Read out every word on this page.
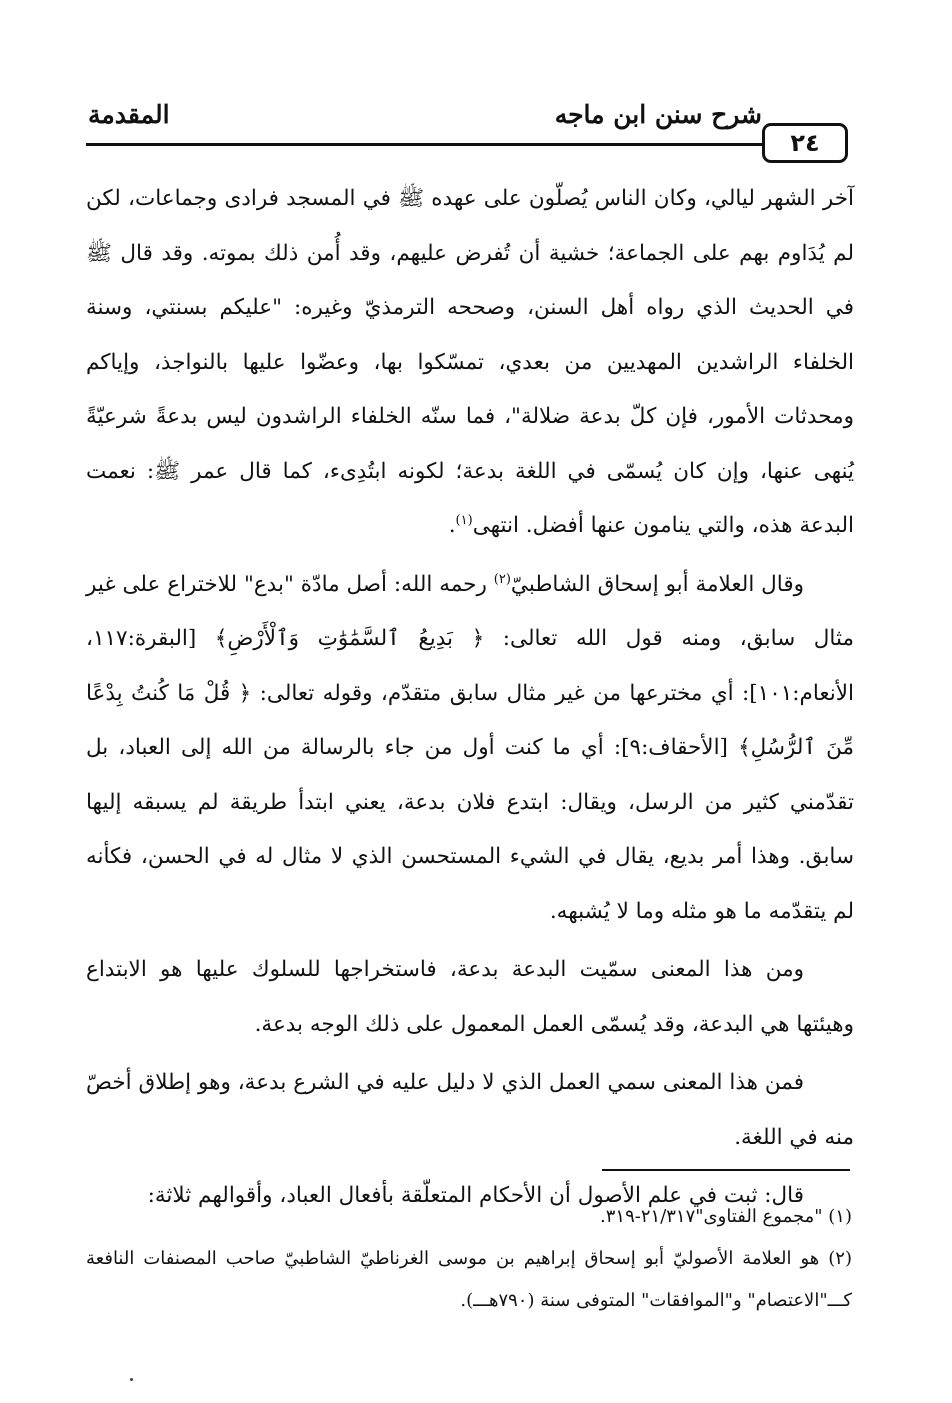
شرح سنن ابن ماجه
المقدمة
٢٤

آخر الشهر ليالي، وكان الناس يُصلّون على عهده ﷺ في المسجد فرادى وجماعات، لكن لم يُدَاوم بهم على الجماعة؛ خشية أن تُفرض عليهم، وقد أُمن ذلك بموته. وقد قال ﷺ في الحديث الذي رواه أهل السنن، وصححه الترمذيّ وغيره: "عليكم بسنتي، وسنة الخلفاء الراشدين المهديين من بعدي، تمسّكوا بها، وعضّوا عليها بالنواجذ، وإياكم ومحدثات الأمور، فإن كلّ بدعة ضلالة"، فما سنّه الخلفاء الراشدون ليس بدعةً شرعيّةً يُنهى عنها، وإن كان يُسمّى في اللغة بدعة؛ لكونه ابتُدِىء، كما قال عمر ﷺ: نعمت البدعة هذه، والتي ينامون عنها أفضل. انتهى$^{(١)}$.

وقال العلامة أبو إسحاق الشاطبيّ$^{(٢)}$ رحمه الله: أصل مادّة "بدع" للاختراع على غير مثال سابق، ومنه قول الله تعالى: ﴿ بَدِيعُ ٱلسَّمَٰوَٰتِ وَٱلْأَرْضِ﴾ [البقرة:١١٧، الأنعام:١٠١]: أي مخترعها من غير مثال سابق متقدّم، وقوله تعالى: ﴿ قُلْ مَا كُنتُ بِدْعًا مِّنَ ٱلرُّسُلِ﴾ [الأحقاف:٩]: أي ما كنت أول من جاء بالرسالة من الله إلى العباد، بل تقدّمني كثير من الرسل، ويقال: ابتدع فلان بدعة، يعني ابتدأ طريقة لم يسبقه إليها سابق. وهذا أمر بديع، يقال في الشيء المستحسن الذي لا مثال له في الحسن، فكأنه لم يتقدّمه ما هو مثله وما لا يُشبهه.

ومن هذا المعنى سمّيت البدعة بدعة، فاستخراجها للسلوك عليها هو الابتداع وهيئتها هي البدعة، وقد يُسمّى العمل المعمول على ذلك الوجه بدعة.

فمن هذا المعنى سمي العمل الذي لا دليل عليه في الشرع بدعة، وهو إطلاق أخصّ منه في اللغة.

قال: ثبت في علم الأصول أن الأحكام المتعلّقة بأفعال العباد، وأقوالهم ثلاثة:

(١) "مجموع الفتاوى"٢١/٣١٧-٣١٩.

(٢) هو العلامة الأصوليّ أبو إسحاق إبراهيم بن موسى الغرناطيّ الشاطبيّ صاحب المصنفات النافعة كـــ"الاعتصام" و"الموافقات" المتوفى سنة (٧٩٠هـــ).
